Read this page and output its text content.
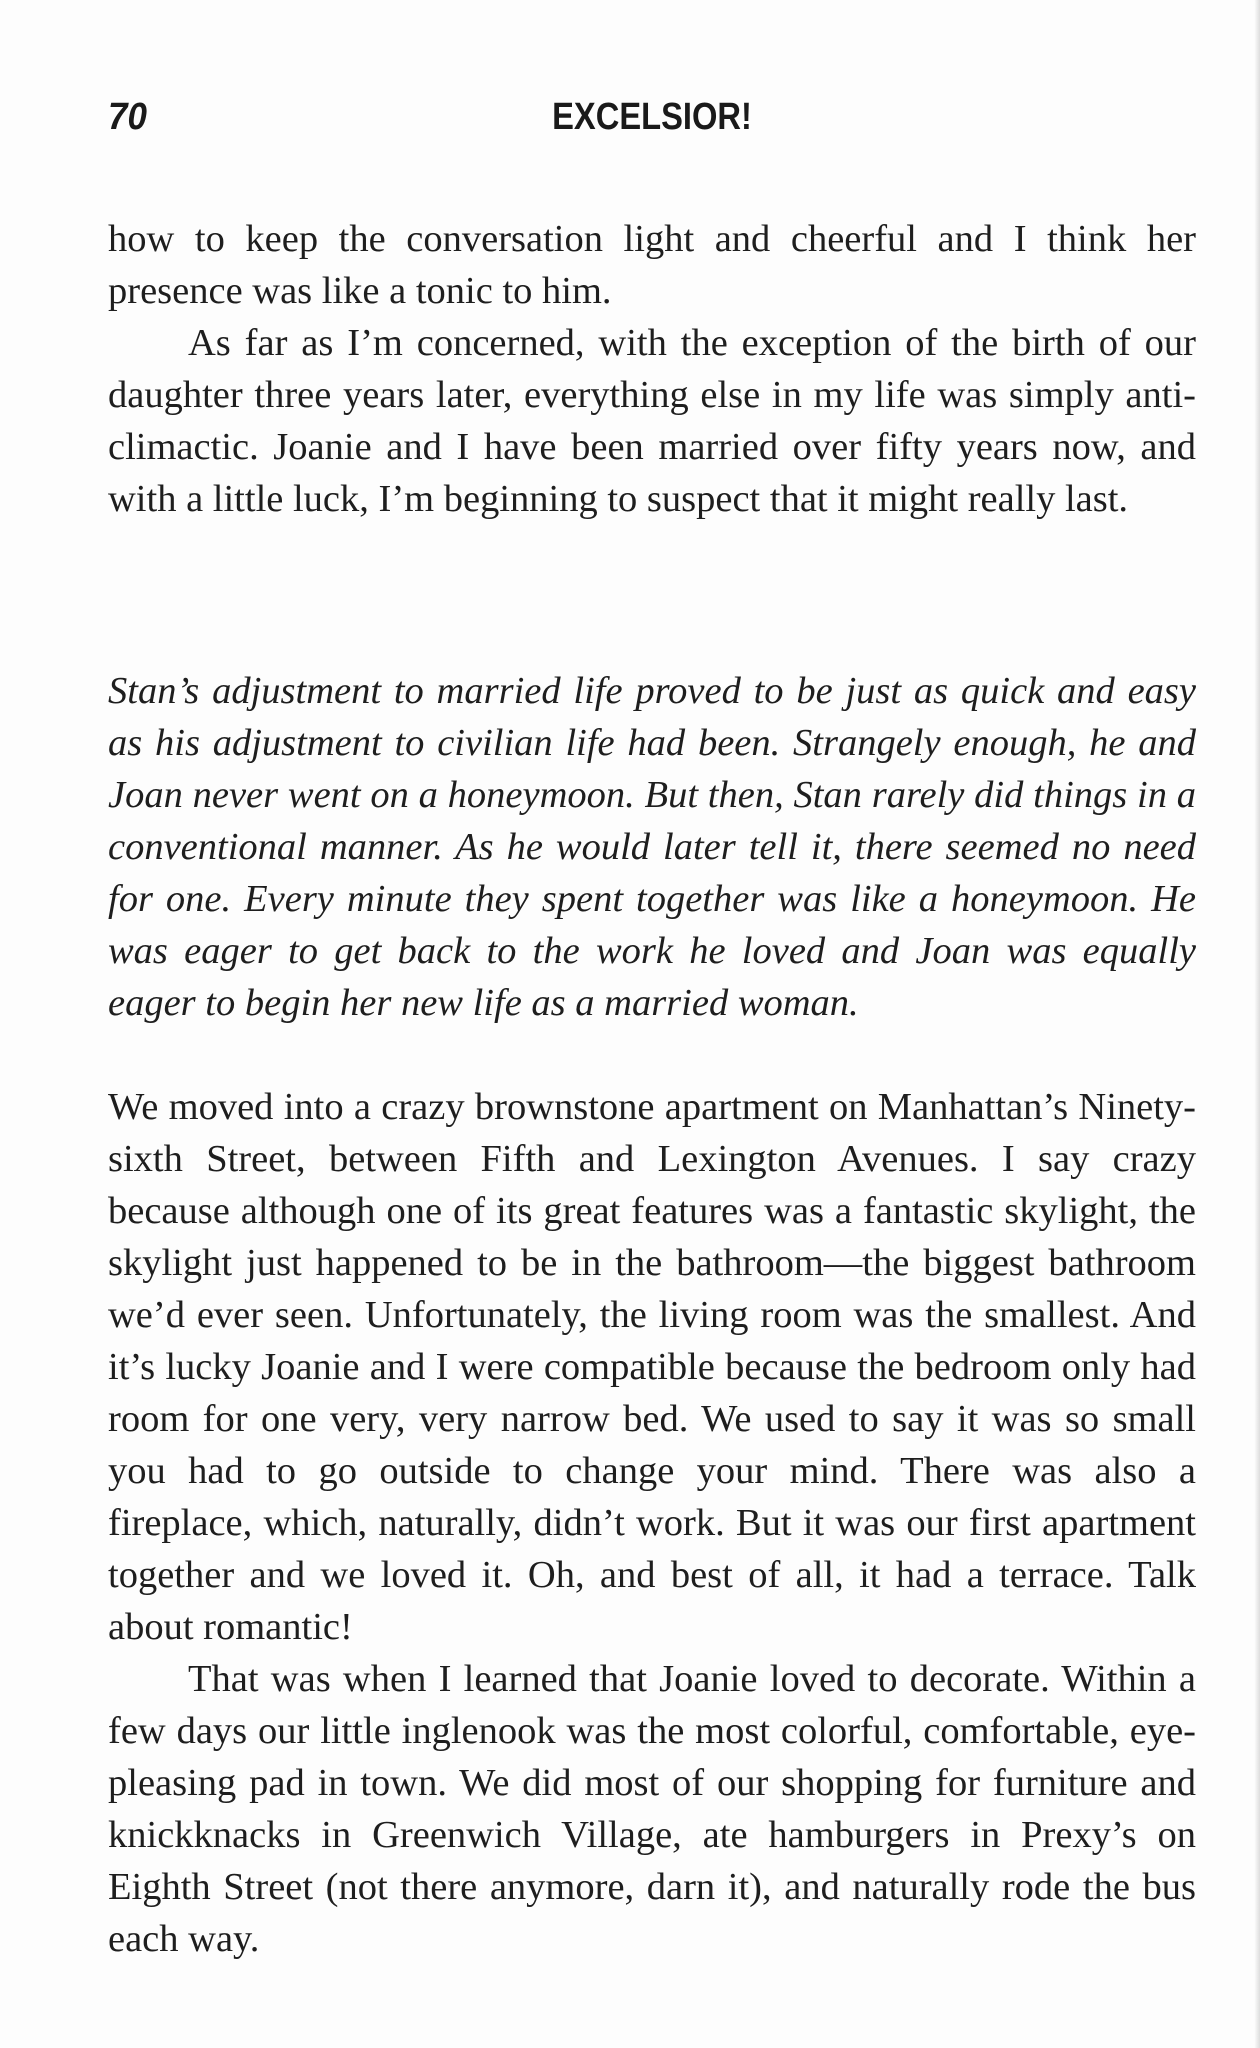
70	EXCELSIOR!

how to keep the conversation light and cheerful and I think her presence was like a tonic to him.

As far as I’m concerned, with the exception of the birth of our daughter three years later, everything else in my life was simply anticlimactic. Joanie and I have been married over fifty years now, and with a little luck, I’m beginning to suspect that it might really last.

Stan’s adjustment to married life proved to be just as quick and easy as his adjustment to civilian life had been. Strangely enough, he and Joan never went on a honeymoon. But then, Stan rarely did things in a conventional manner. As he would later tell it, there seemed no need for one. Every minute they spent together was like a honeymoon. He was eager to get back to the work he loved and Joan was equally eager to begin her new life as a married woman.

We moved into a crazy brownstone apartment on Manhattan’s Ninety-sixth Street, between Fifth and Lexington Avenues. I say crazy because although one of its great features was a fantastic skylight, the skylight just happened to be in the bathroom—the biggest bathroom we’d ever seen. Unfortunately, the living room was the smallest. And it’s lucky Joanie and I were compatible because the bedroom only had room for one very, very narrow bed. We used to say it was so small you had to go outside to change your mind. There was also a fireplace, which, naturally, didn’t work. But it was our first apartment together and we loved it. Oh, and best of all, it had a terrace. Talk about romantic!

That was when I learned that Joanie loved to decorate. Within a few days our little inglenook was the most colorful, comfortable, eye-pleasing pad in town. We did most of our shopping for furniture and knickknacks in Greenwich Village, ate hamburgers in Prexy’s on Eighth Street (not there anymore, darn it), and naturally rode the bus each way.
